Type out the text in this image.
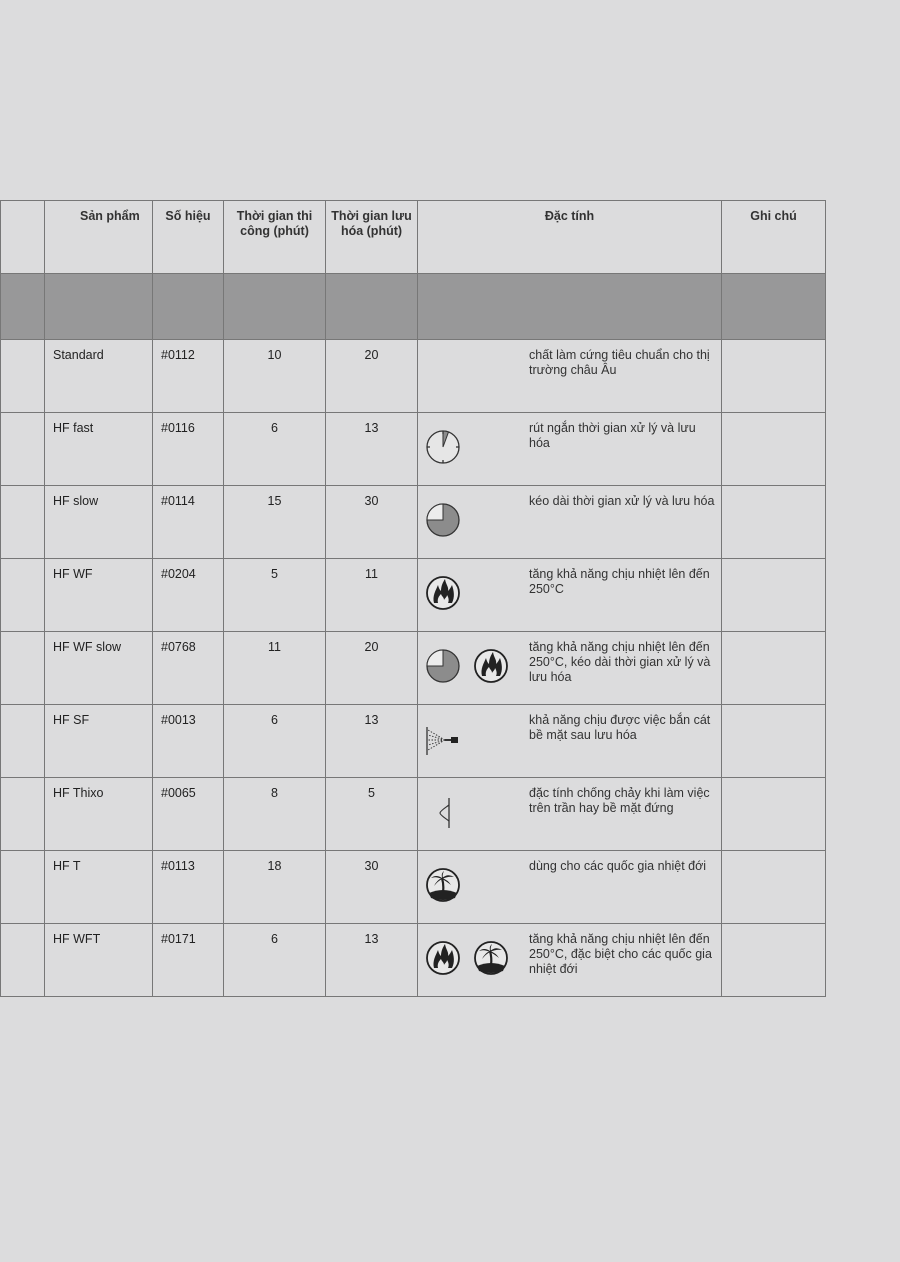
	Sản phẩm	Số hiệu	Thời gian thi công (phút)	Thời gian lưu hóa (phút)	Đặc tính	Ghi chú

	Standard	#0112	10	20	chất làm cứng tiêu chuẩn cho thị trường châu Âu	

	HF fast	#0116	6	13	rút ngắn thời gian xử lý và lưu hóa	

	HF slow	#0114	15	30	kéo dài thời gian xử lý và lưu hóa	

	HF WF	#0204	5	11	tăng khả năng chịu nhiệt lên đến 250°C	

	HF WF slow	#0768	11	20	tăng khả năng chịu nhiệt lên đến 250°C, kéo dài thời gian xử lý và lưu hóa	

	HF SF	#0013	6	13	khả năng chịu được việc bắn cát bề mặt sau lưu hóa	

	HF Thixo	#0065	8	5	đặc tính chống chảy khi làm việc trên trần hay bề mặt đứng	

	HF T	#0113	18	30	dùng cho các quốc gia nhiệt đới	

	HF WFT	#0171	6	13	tăng khả năng chịu nhiệt lên đến 250°C, đặc biệt cho các quốc gia nhiệt đới	
